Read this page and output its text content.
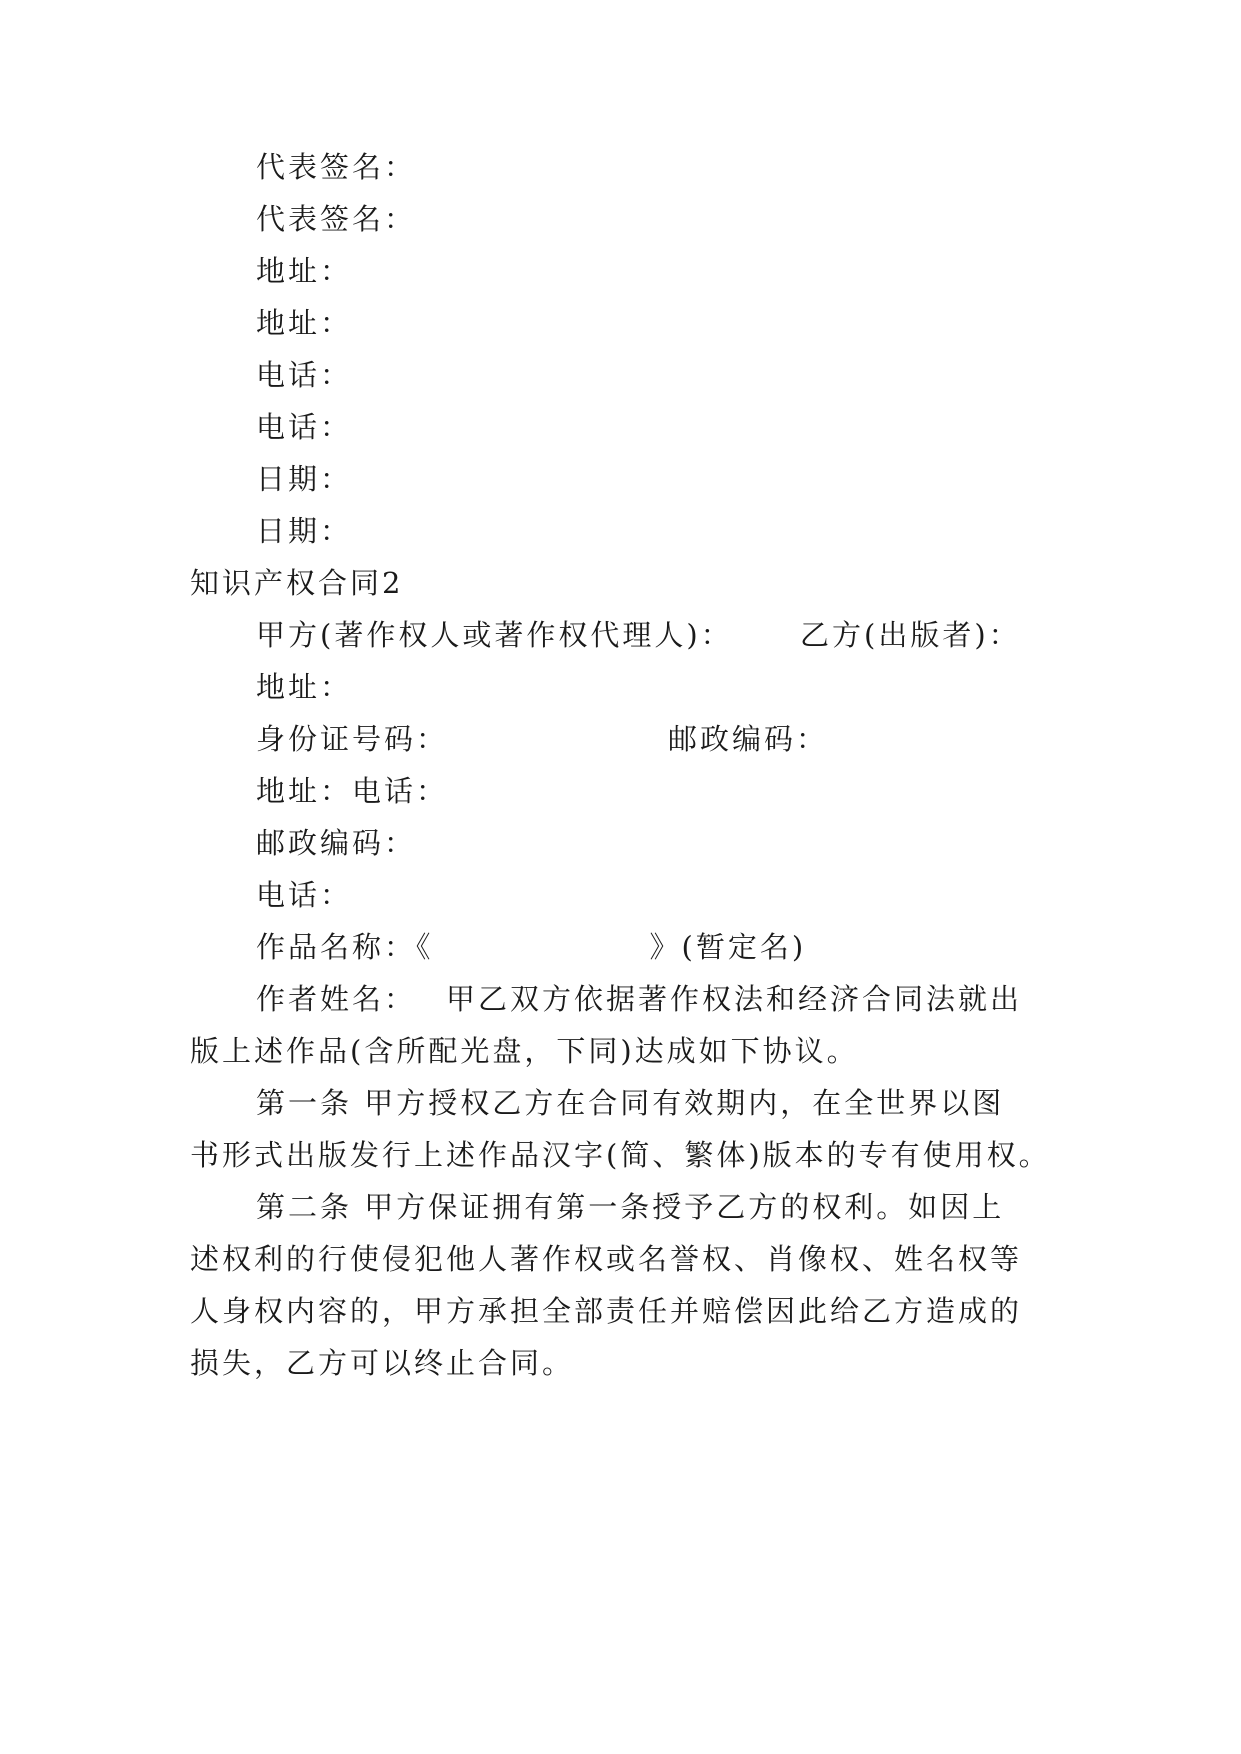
代表签名：
代表签名：
地址：
地址：
电话：
电话：
日期：
日期：
知识产权合同2
甲方(著作权人或著作权代理人)： 乙方(出版者)：
地址：
身份证号码：	邮政编码：
地址：电话：
邮政编码：
电话：
作品名称：《	》(暂定名)
作者姓名： 甲乙双方依据著作权法和经济合同法就出
版上述作品(含所配光盘，下同)达成如下协议。
第一条 甲方授权乙方在合同有效期内，在全世界以图
书形式出版发行上述作品汉字(简、繁体)版本的专有使用权。
第二条 甲方保证拥有第一条授予乙方的权利。如因上
述权利的行使侵犯他人著作权或名誉权、肖像权、姓名权等
人身权内容的，甲方承担全部责任并赔偿因此给乙方造成的
损失，乙方可以终止合同。
